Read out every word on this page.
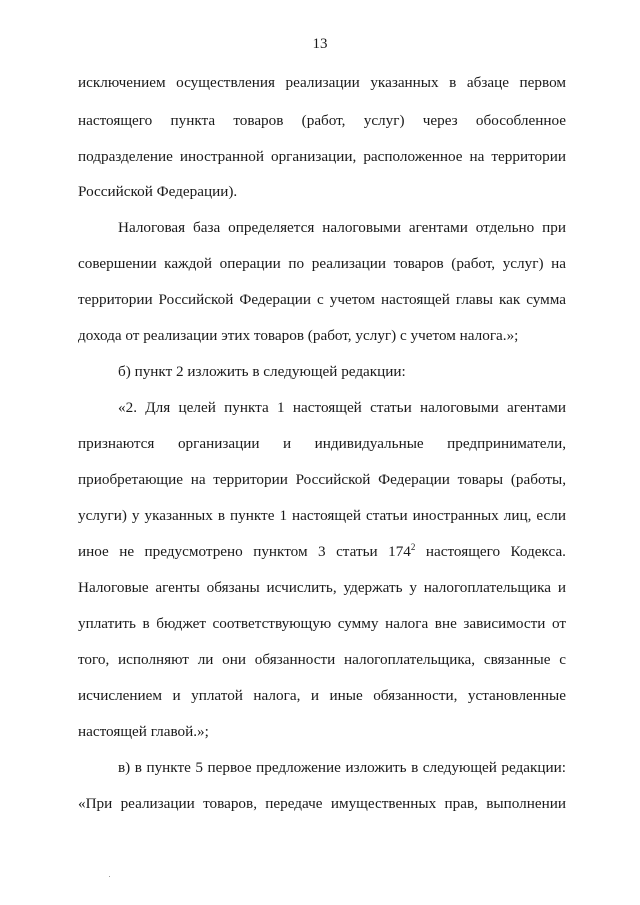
13
исключением осуществления реализации указанных в абзаце первом
настоящего пункта товаров (работ, услуг) через обособленное
подразделение иностранной организации, расположенное на территории
Российской Федерации).
Налоговая база определяется налоговыми агентами отдельно при
совершении каждой операции по реализации товаров (работ, услуг) на
территории Российской Федерации с учетом настоящей главы как сумма
дохода от реализации этих товаров (работ, услуг) с учетом налога.»;
б) пункт 2 изложить в следующей редакции:
«2. Для целей пункта 1 настоящей статьи налоговыми агентами
признаются организации и индивидуальные предприниматели,
приобретающие на территории Российской Федерации товары (работы,
услуги) у указанных в пункте 1 настоящей статьи иностранных лиц, если
иное не предусмотрено пунктом 3 статьи $174^2$ настоящего Кодекса.
Налоговые агенты обязаны исчислить, удержать у налогоплательщика и
уплатить в бюджет соответствующую сумму налога вне зависимости от
того, исполняют ли они обязанности налогоплательщика, связанные с
исчислением и уплатой налога, и иные обязанности, установленные
настоящей главой.»;
в) в пункте 5 первое предложение изложить в следующей редакции:
«При реализации товаров, передаче имущественных прав, выполнении
